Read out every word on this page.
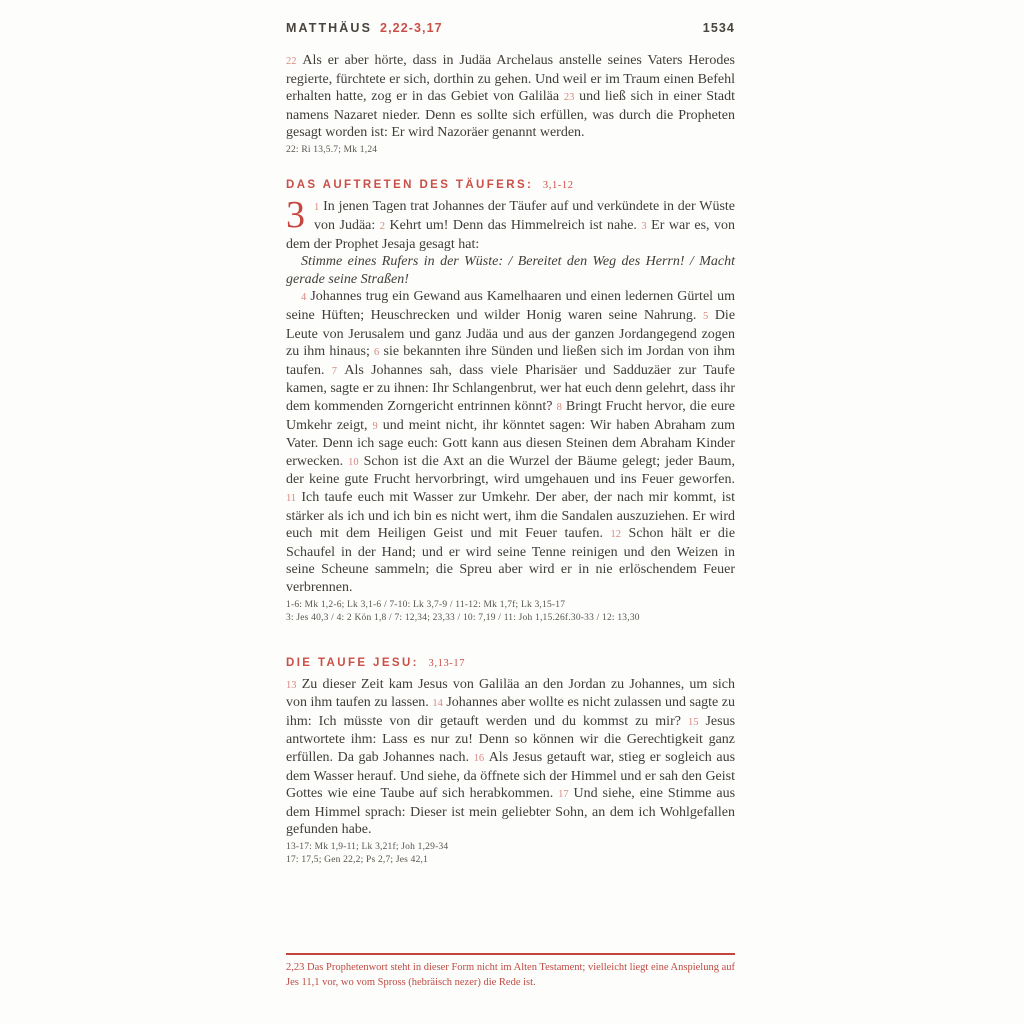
MATTHÄUS 2,22-3,17	1534
22 Als er aber hörte, dass in Judäa Archelaus anstelle seines Vaters Herodes regierte, fürchtete er sich, dorthin zu gehen. Und weil er im Traum einen Befehl erhalten hatte, zog er in das Gebiet von Galiläa 23 und ließ sich in einer Stadt namens Nazaret nieder. Denn es sollte sich erfüllen, was durch die Propheten gesagt worden ist: Er wird Nazoräer genannt werden.
22: Ri 13,5.7; Mk 1,24
DAS AUFTRETEN DES TÄUFERS: 3,1-12
3 1 In jenen Tagen trat Johannes der Täufer auf und verkündete in der Wüste von Judäa: 2 Kehrt um! Denn das Himmelreich ist nahe. 3 Er war es, von dem der Prophet Jesaja gesagt hat:
Stimme eines Rufers in der Wüste: / Bereitet den Weg des Herrn! / Macht gerade seine Straßen!
4 Johannes trug ein Gewand aus Kamelhaaren und einen ledernen Gürtel um seine Hüften; Heuschrecken und wilder Honig waren seine Nahrung. 5 Die Leute von Jerusalem und ganz Judäa und aus der ganzen Jordangegend zogen zu ihm hinaus; 6 sie bekannten ihre Sünden und ließen sich im Jordan von ihm taufen. 7 Als Johannes sah, dass viele Pharisäer und Sadduzäer zur Taufe kamen, sagte er zu ihnen: Ihr Schlangenbrut, wer hat euch denn gelehrt, dass ihr dem kommenden Zorngericht entrinnen könnt? 8 Bringt Frucht hervor, die eure Umkehr zeigt, 9 und meint nicht, ihr könntet sagen: Wir haben Abraham zum Vater. Denn ich sage euch: Gott kann aus diesen Steinen dem Abraham Kinder erwecken. 10 Schon ist die Axt an die Wurzel der Bäume gelegt; jeder Baum, der keine gute Frucht hervorbringt, wird umgehauen und ins Feuer geworfen. 11 Ich taufe euch mit Wasser zur Umkehr. Der aber, der nach mir kommt, ist stärker als ich und ich bin es nicht wert, ihm die Sandalen auszuziehen. Er wird euch mit dem Heiligen Geist und mit Feuer taufen. 12 Schon hält er die Schaufel in der Hand; und er wird seine Tenne reinigen und den Weizen in seine Scheune sammeln; die Spreu aber wird er in nie erlöschendem Feuer verbrennen.
1-6: Mk 1,2-6; Lk 3,1-6 / 7-10: Lk 3,7-9 / 11-12: Mk 1,7f; Lk 3,15-17
3: Jes 40,3 / 4: 2 Kön 1,8 / 7: 12,34; 23,33 / 10: 7,19 / 11: Joh 1,15.26f.30-33 / 12: 13,30
DIE TAUFE JESU: 3,13-17
13 Zu dieser Zeit kam Jesus von Galiläa an den Jordan zu Johannes, um sich von ihm taufen zu lassen. 14 Johannes aber wollte es nicht zulassen und sagte zu ihm: Ich müsste von dir getauft werden und du kommst zu mir? 15 Jesus antwortete ihm: Lass es nur zu! Denn so können wir die Gerechtigkeit ganz erfüllen. Da gab Johannes nach. 16 Als Jesus getauft war, stieg er sogleich aus dem Wasser herauf. Und siehe, da öffnete sich der Himmel und er sah den Geist Gottes wie eine Taube auf sich herabkommen. 17 Und siehe, eine Stimme aus dem Himmel sprach: Dieser ist mein geliebter Sohn, an dem ich Wohlgefallen gefunden habe.
13-17: Mk 1,9-11; Lk 3,21f; Joh 1,29-34
17: 17,5; Gen 22,2; Ps 2,7; Jes 42,1
2,23 Das Prophetenwort steht in dieser Form nicht im Alten Testament; vielleicht liegt eine Anspielung auf Jes 11,1 vor, wo vom Spross (hebräisch nezer) die Rede ist.
